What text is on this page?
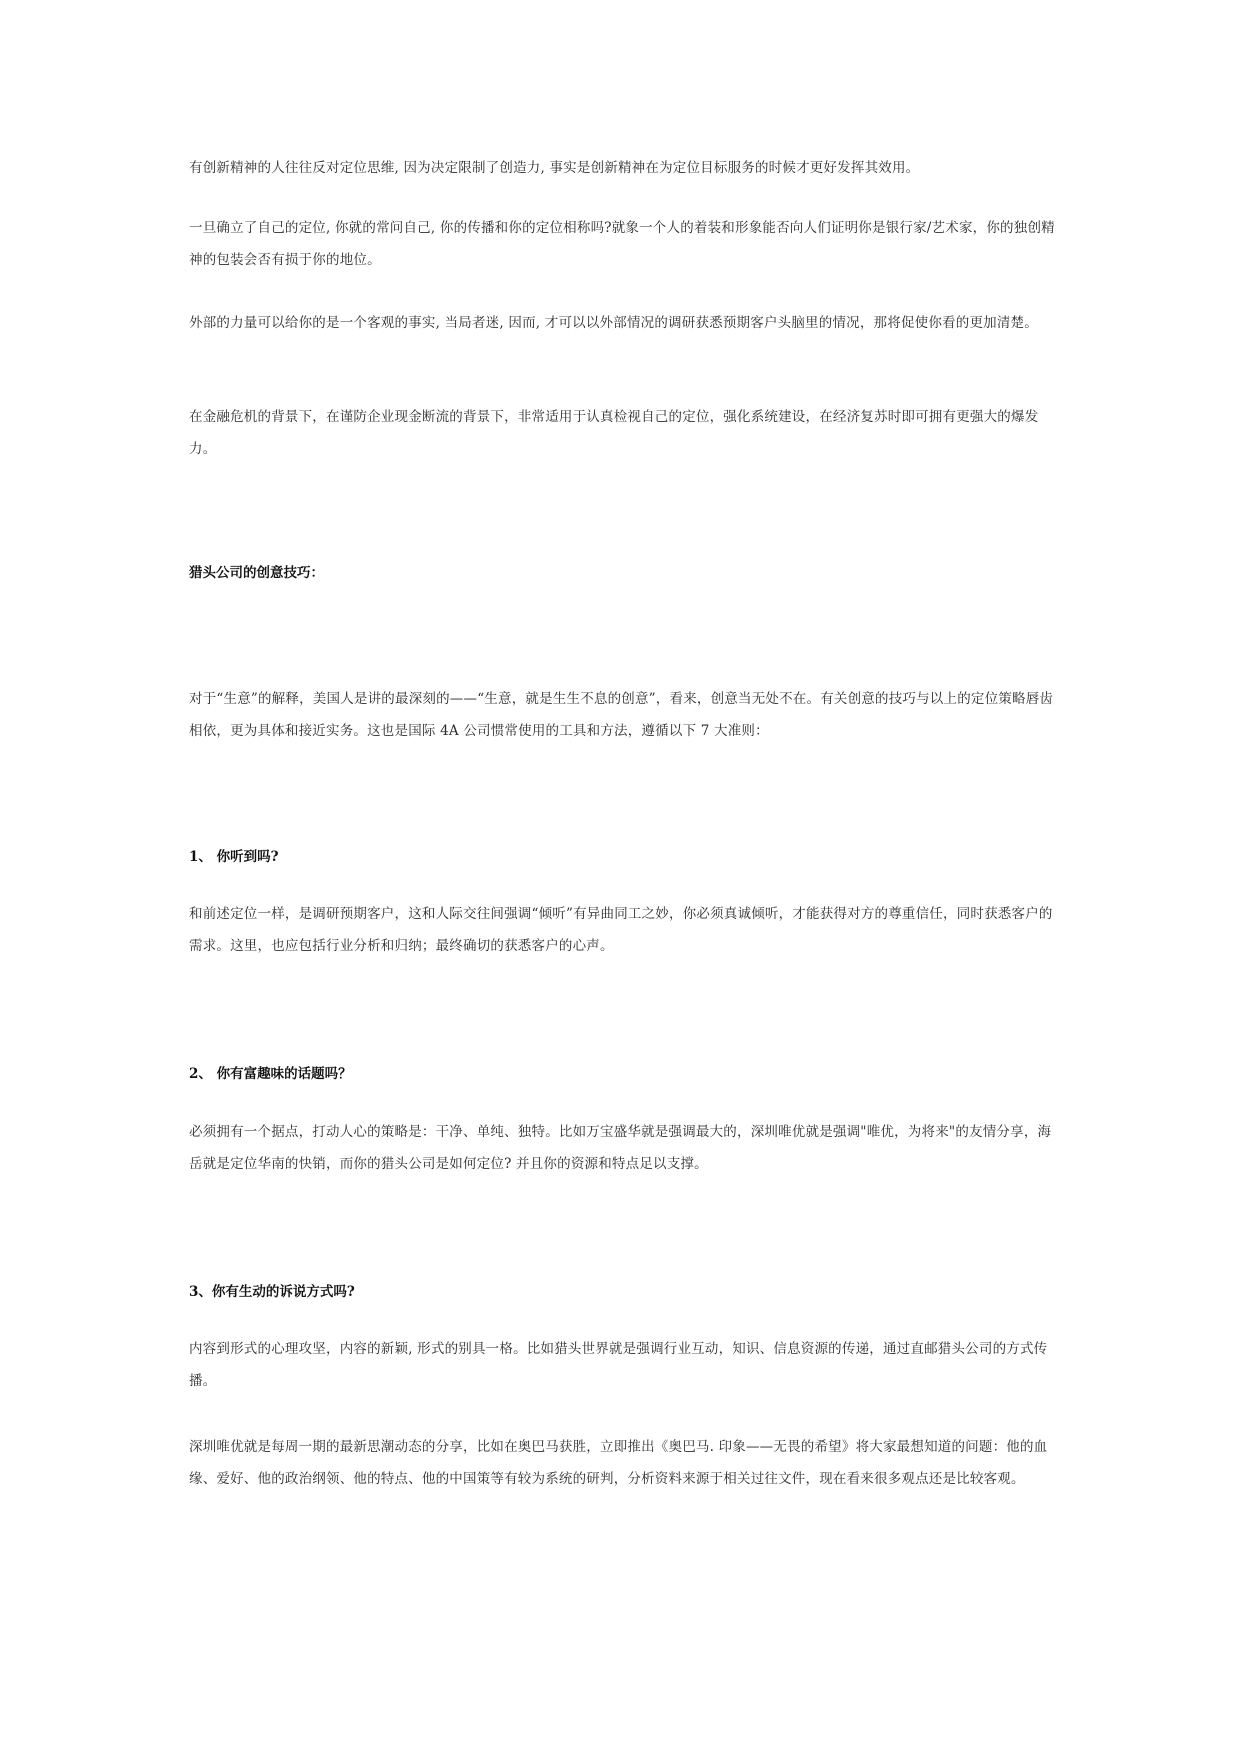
有创新精神的人往往反对定位思维, 因为决定限制了创造力, 事实是创新精神在为定位目标服务的时候才更好发挥其效用。

一旦确立了自己的定位, 你就的常问自己, 你的传播和你的定位相称吗?就象一个人的着装和形象能否向人们证明你是银行家/艺术家，你的独创精神的包装会否有损于你的地位。

外部的力量可以给你的是一个客观的事实, 当局者迷, 因而, 才可以以外部情况的调研获悉预期客户头脑里的情况，那将促使你看的更加清楚。

在金融危机的背景下，在谨防企业现金断流的背景下，非常适用于认真检视自己的定位，强化系统建设，在经济复苏时即可拥有更强大的爆发力。

猎头公司的创意技巧：

对于“生意”的解释，美国人是讲的最深刻的——“生意，就是生生不息的创意”，看来，创意当无处不在。有关创意的技巧与以上的定位策略唇齿相依，更为具体和接近实务。这也是国际 4A 公司惯常使用的工具和方法，遵循以下 7 大准则：

1、 你听到吗?

和前述定位一样，是调研预期客户，这和人际交往间强调“倾听”有异曲同工之妙，你必须真诚倾听，才能获得对方的尊重信任，同时获悉客户的需求。这里，也应包括行业分析和归纳；最终确切的获悉客户的心声。

2、 你有富趣味的话题吗？

必须拥有一个据点，打动人心的策略是：干净、单纯、独特。比如万宝盛华就是强调最大的，深圳唯优就是强调"唯优，为将来"的友情分享，海岳就是定位华南的快销，而你的猎头公司是如何定位? 并且你的资源和特点足以支撑。

3、你有生动的诉说方式吗?

内容到形式的心理攻坚，内容的新颖, 形式的别具一格。比如猎头世界就是强调行业互动，知识、信息资源的传递，通过直邮猎头公司的方式传播。

深圳唯优就是每周一期的最新思潮动态的分享，比如在奥巴马获胜，立即推出《奥巴马. 印象——无畏的希望》将大家最想知道的问题：他的血缘、爱好、他的政治纲领、他的特点、他的中国策等有较为系统的研判，分析资料来源于相关过往文件，现在看来很多观点还是比较客观。
